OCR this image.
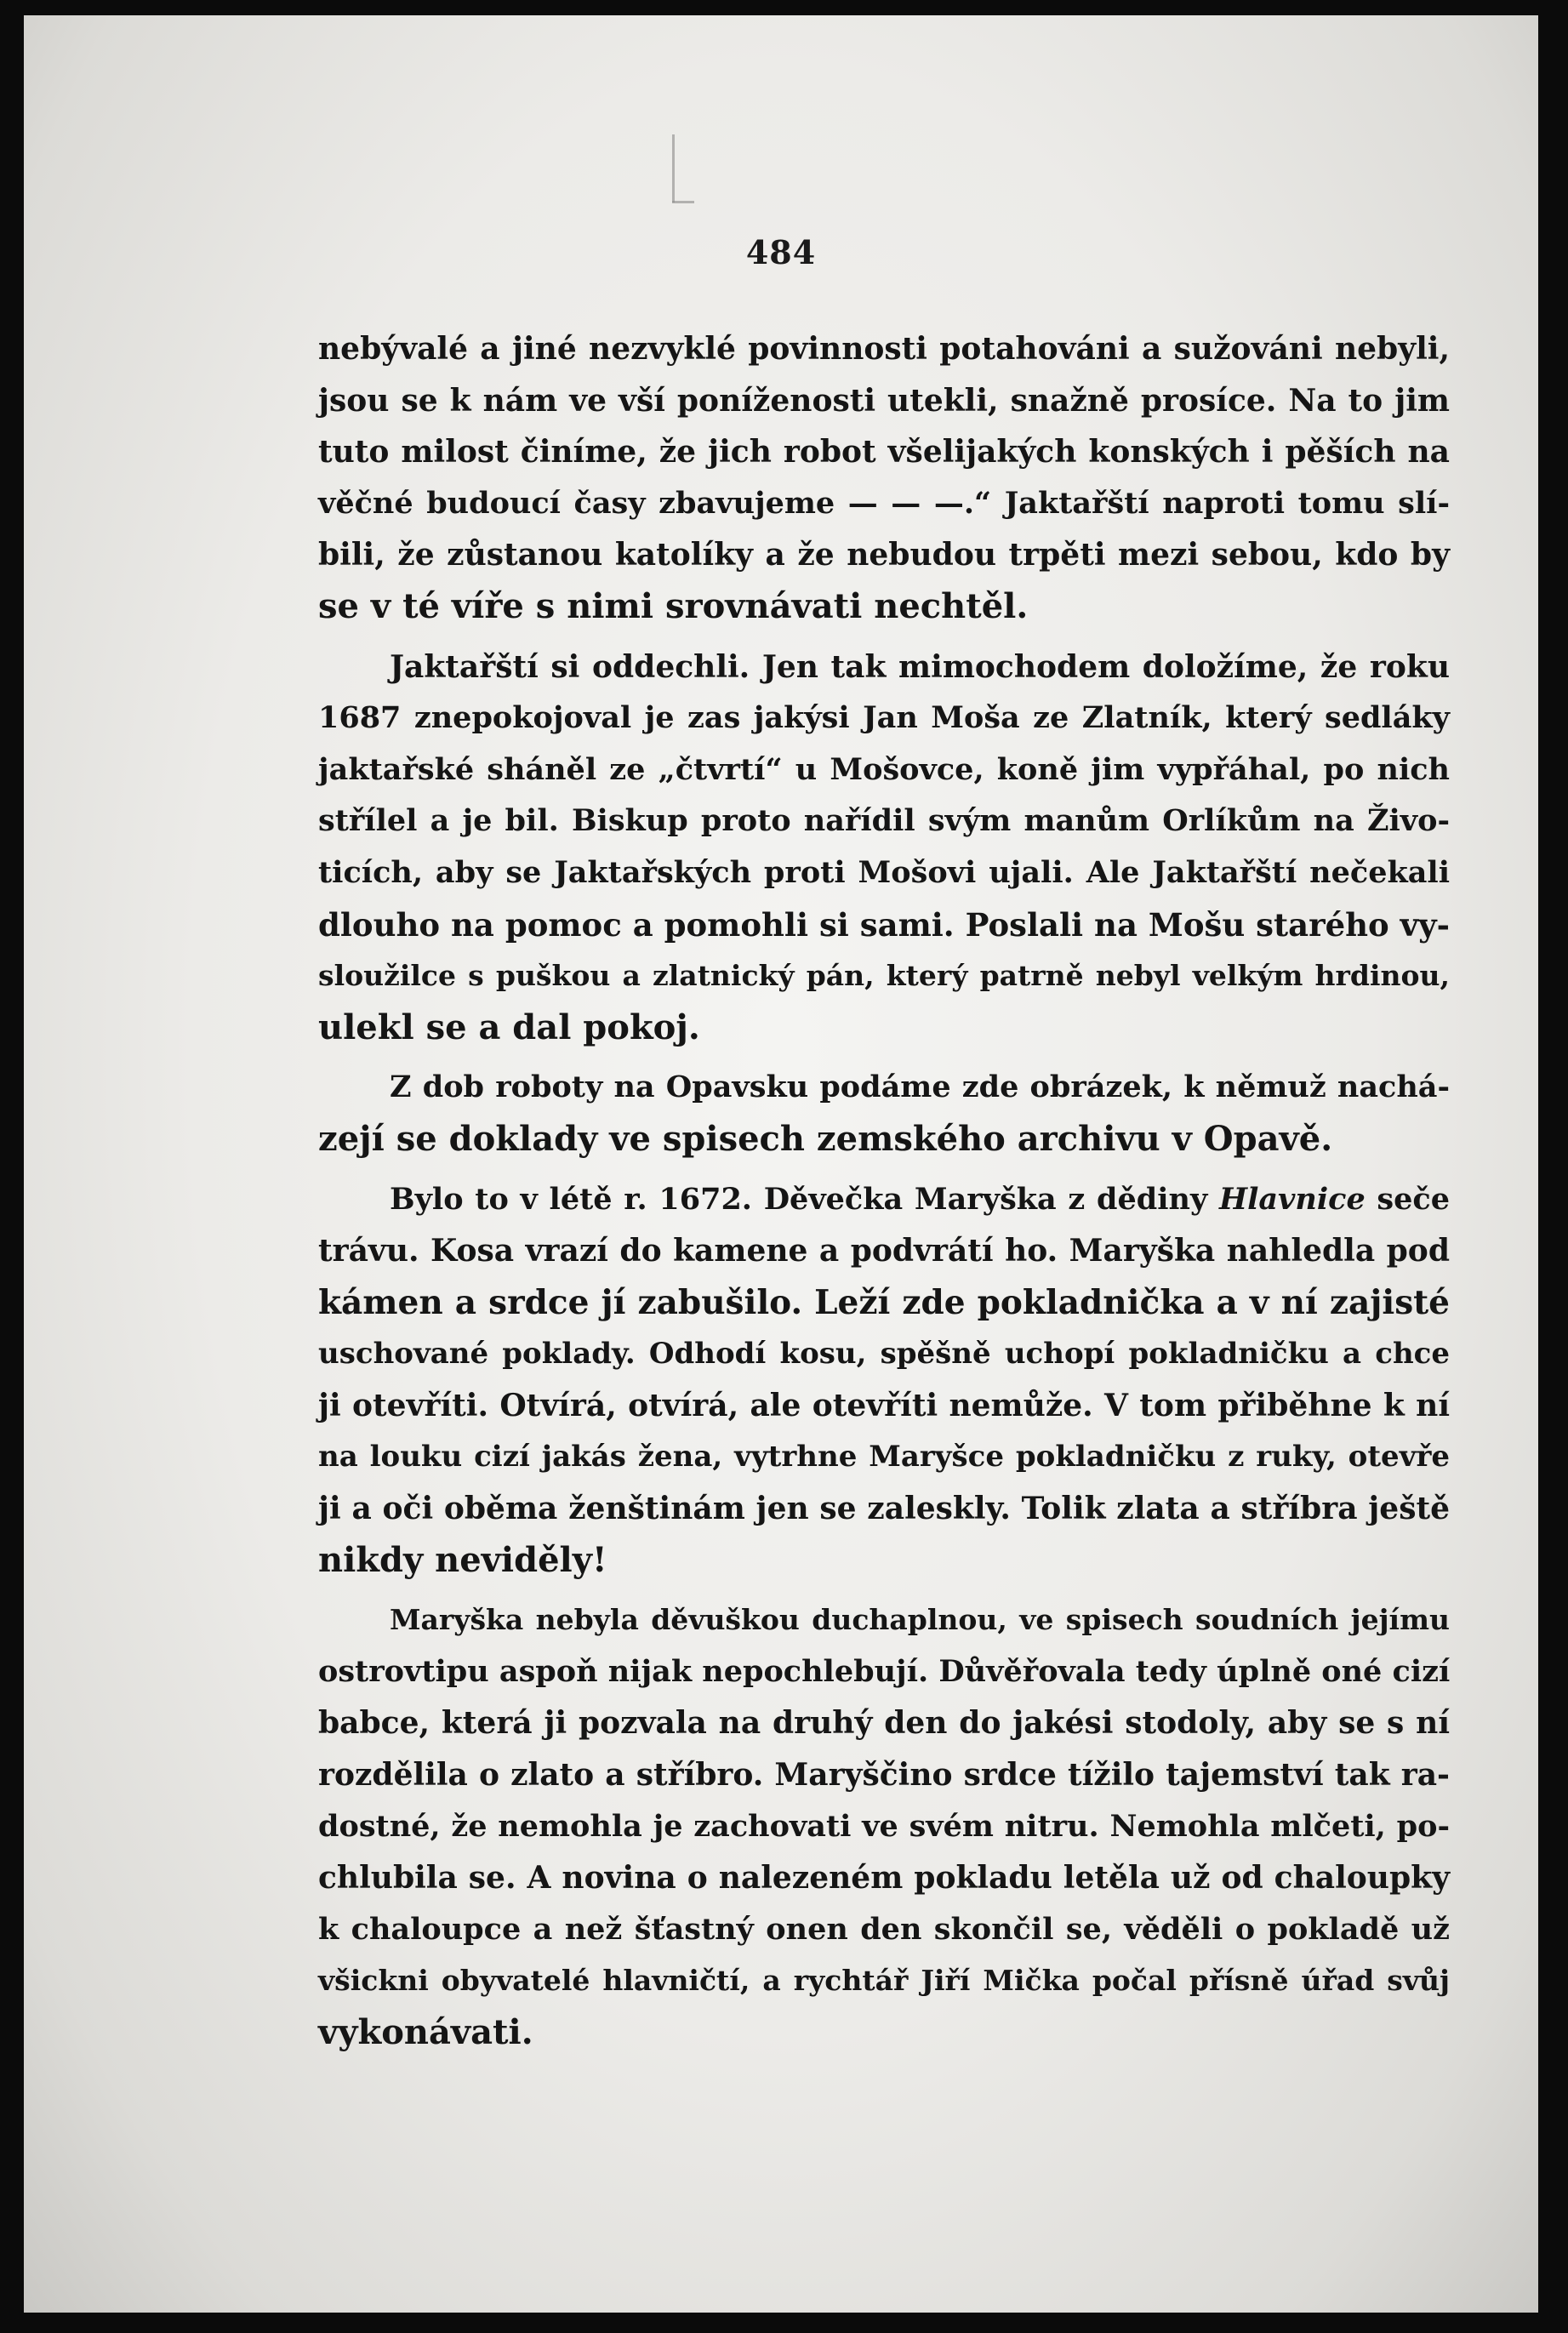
484
nebývalé a jiné nezvyklé povinnosti potahováni a sužováni nebyli,
jsou se k nám ve vší poníženosti utekli, snažně prosíce. Na to jim
tuto milost činíme, že jich robot všelijakých konských i pěších na
věčné budoucí časy zbavujeme — — —.“ Jaktařští naproti tomu slí-
bili, že zůstanou katolíky a že nebudou trpěti mezi sebou, kdo by
se v té víře s nimi srovnávati nechtěl.
Jaktařští si oddechli. Jen tak mimochodem doložíme, že roku
1687 znepokojoval je zas jakýsi Jan Moša ze Zlatník, který sedláky
jaktařské sháněl ze „čtvrtí“ u Mošovce, koně jim vypřáhal, po nich
střílel a je bil. Biskup proto nařídil svým manům Orlíkům na Živo-
ticích, aby se Jaktařských proti Mošovi ujali. Ale Jaktařští nečekali
dlouho na pomoc a pomohli si sami. Poslali na Mošu starého vy-
sloužilce s puškou a zlatnický pán, který patrně nebyl velkým hrdinou,
ulekl se a dal pokoj.
Z dob roboty na Opavsku podáme zde obrázek, k němuž nachá-
zejí se doklady ve spisech zemského archivu v Opavě.
Bylo to v létě r. 1672. Děvečka Maryška z dědiny Hlavnice seče
trávu. Kosa vrazí do kamene a podvrátí ho. Maryška nahledla pod
kámen a srdce jí zabušilo. Leží zde pokladnička a v ní zajisté
uschované poklady. Odhodí kosu, spěšně uchopí pokladničku a chce
ji otevříti. Otvírá, otvírá, ale otevříti nemůže. V tom přiběhne k ní
na louku cizí jakás žena, vytrhne Maryšce pokladničku z ruky, otevře
ji a oči oběma ženštinám jen se zaleskly. Tolik zlata a stříbra ještě
nikdy neviděly!
Maryška nebyla děvuškou duchaplnou, ve spisech soudních jejímu
ostrovtipu aspoň nijak nepochlebují. Důvěřovala tedy úplně oné cizí
babce, která ji pozvala na druhý den do jakési stodoly, aby se s ní
rozdělila o zlato a stříbro. Maryščino srdce tížilo tajemství tak ra-
dostné, že nemohla je zachovati ve svém nitru. Nemohla mlčeti, po-
chlubila se. A novina o nalezeném pokladu letěla už od chaloupky
k chaloupce a než šťastný onen den skončil se, věděli o pokladě už
všickni obyvatelé hlavničtí, a rychtář Jiří Mička počal přísně úřad svůj
vykonávati.
